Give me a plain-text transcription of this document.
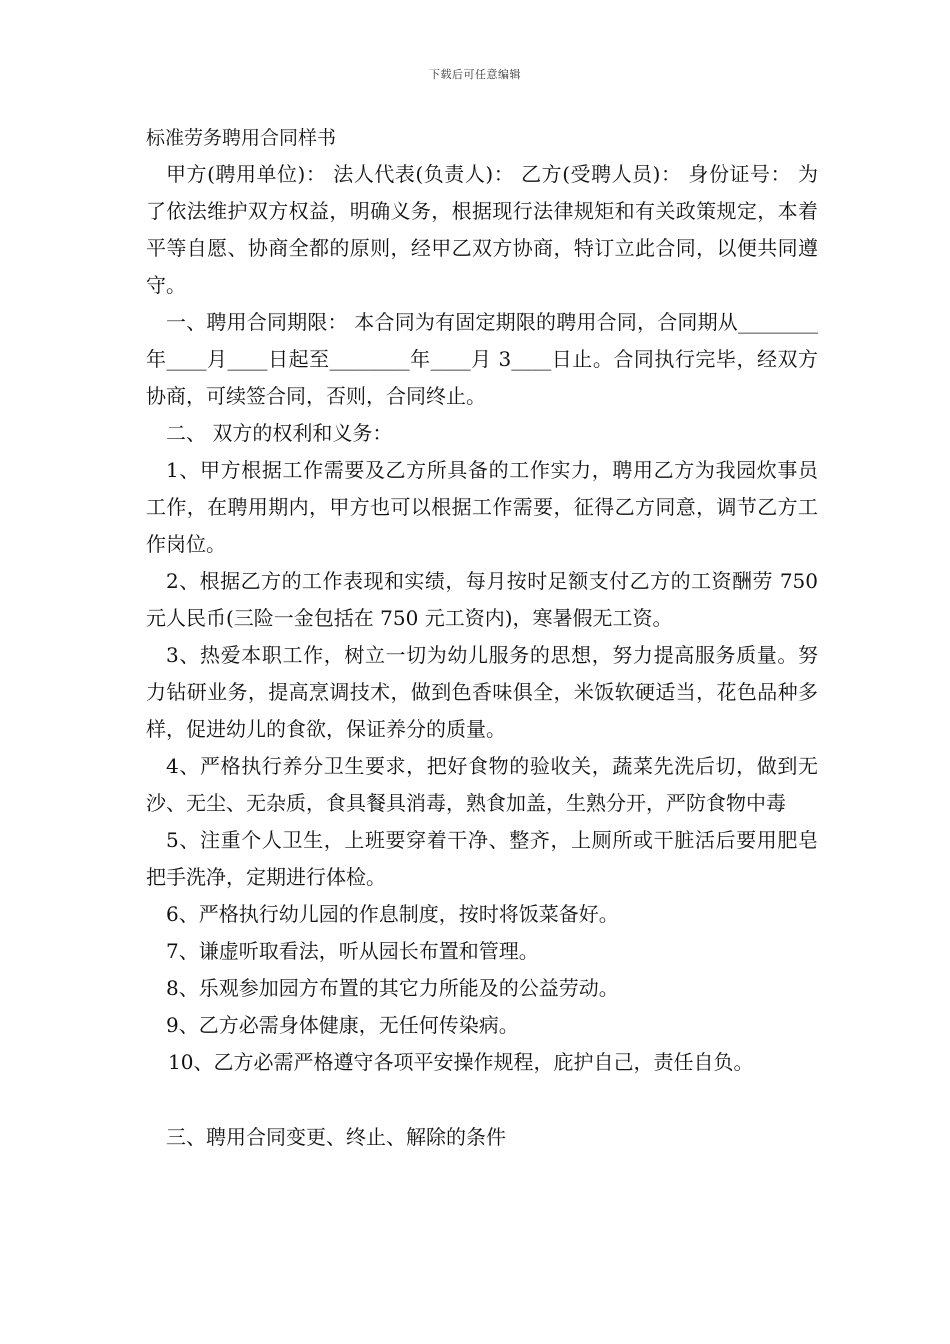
下载后可任意编辑
标准劳务聘用合同样书

甲方(聘用单位)： 法人代表(负责人)： 乙方(受聘人员)： 身份证号： 为了依法维护双方权益，明确义务，根据现行法律规矩和有关政策规定，本着平等自愿、协商全都的原则，经甲乙双方协商，特订立此合同，以便共同遵守。

一、聘用合同期限： 本合同为有固定期限的聘用合同，合同期从________年____月____日起至________年____月 3____日止。合同执行完毕，经双方协商，可续签合同，否则，合同终止。

二、 双方的权利和义务：

1、甲方根据工作需要及乙方所具备的工作实力，聘用乙方为我园炊事员工作，在聘用期内，甲方也可以根据工作需要，征得乙方同意，调节乙方工作岗位。

2、根据乙方的工作表现和实绩，每月按时足额支付乙方的工资酬劳 750 元人民币(三险一金包括在 750 元工资内)，寒暑假无工资。

3、热爱本职工作，树立一切为幼儿服务的思想，努力提高服务质量。努力钻研业务，提高烹调技术，做到色香味俱全，米饭软硬适当，花色品种多样，促进幼儿的食欲，保证养分的质量。

4、严格执行养分卫生要求，把好食物的验收关，蔬菜先洗后切，做到无沙、无尘、无杂质，食具餐具消毒，熟食加盖，生熟分开，严防食物中毒

5、注重个人卫生，上班要穿着干净、整齐，上厕所或干脏活后要用肥皂把手洗净，定期进行体检。

6、严格执行幼儿园的作息制度，按时将饭菜备好。

7、谦虚听取看法，听从园长布置和管理。

8、乐观参加园方布置的其它力所能及的公益劳动。

9、乙方必需身体健康，无任何传染病。

10、乙方必需严格遵守各项平安操作规程，庇护自己，责任自负。

三、聘用合同变更、终止、解除的条件
